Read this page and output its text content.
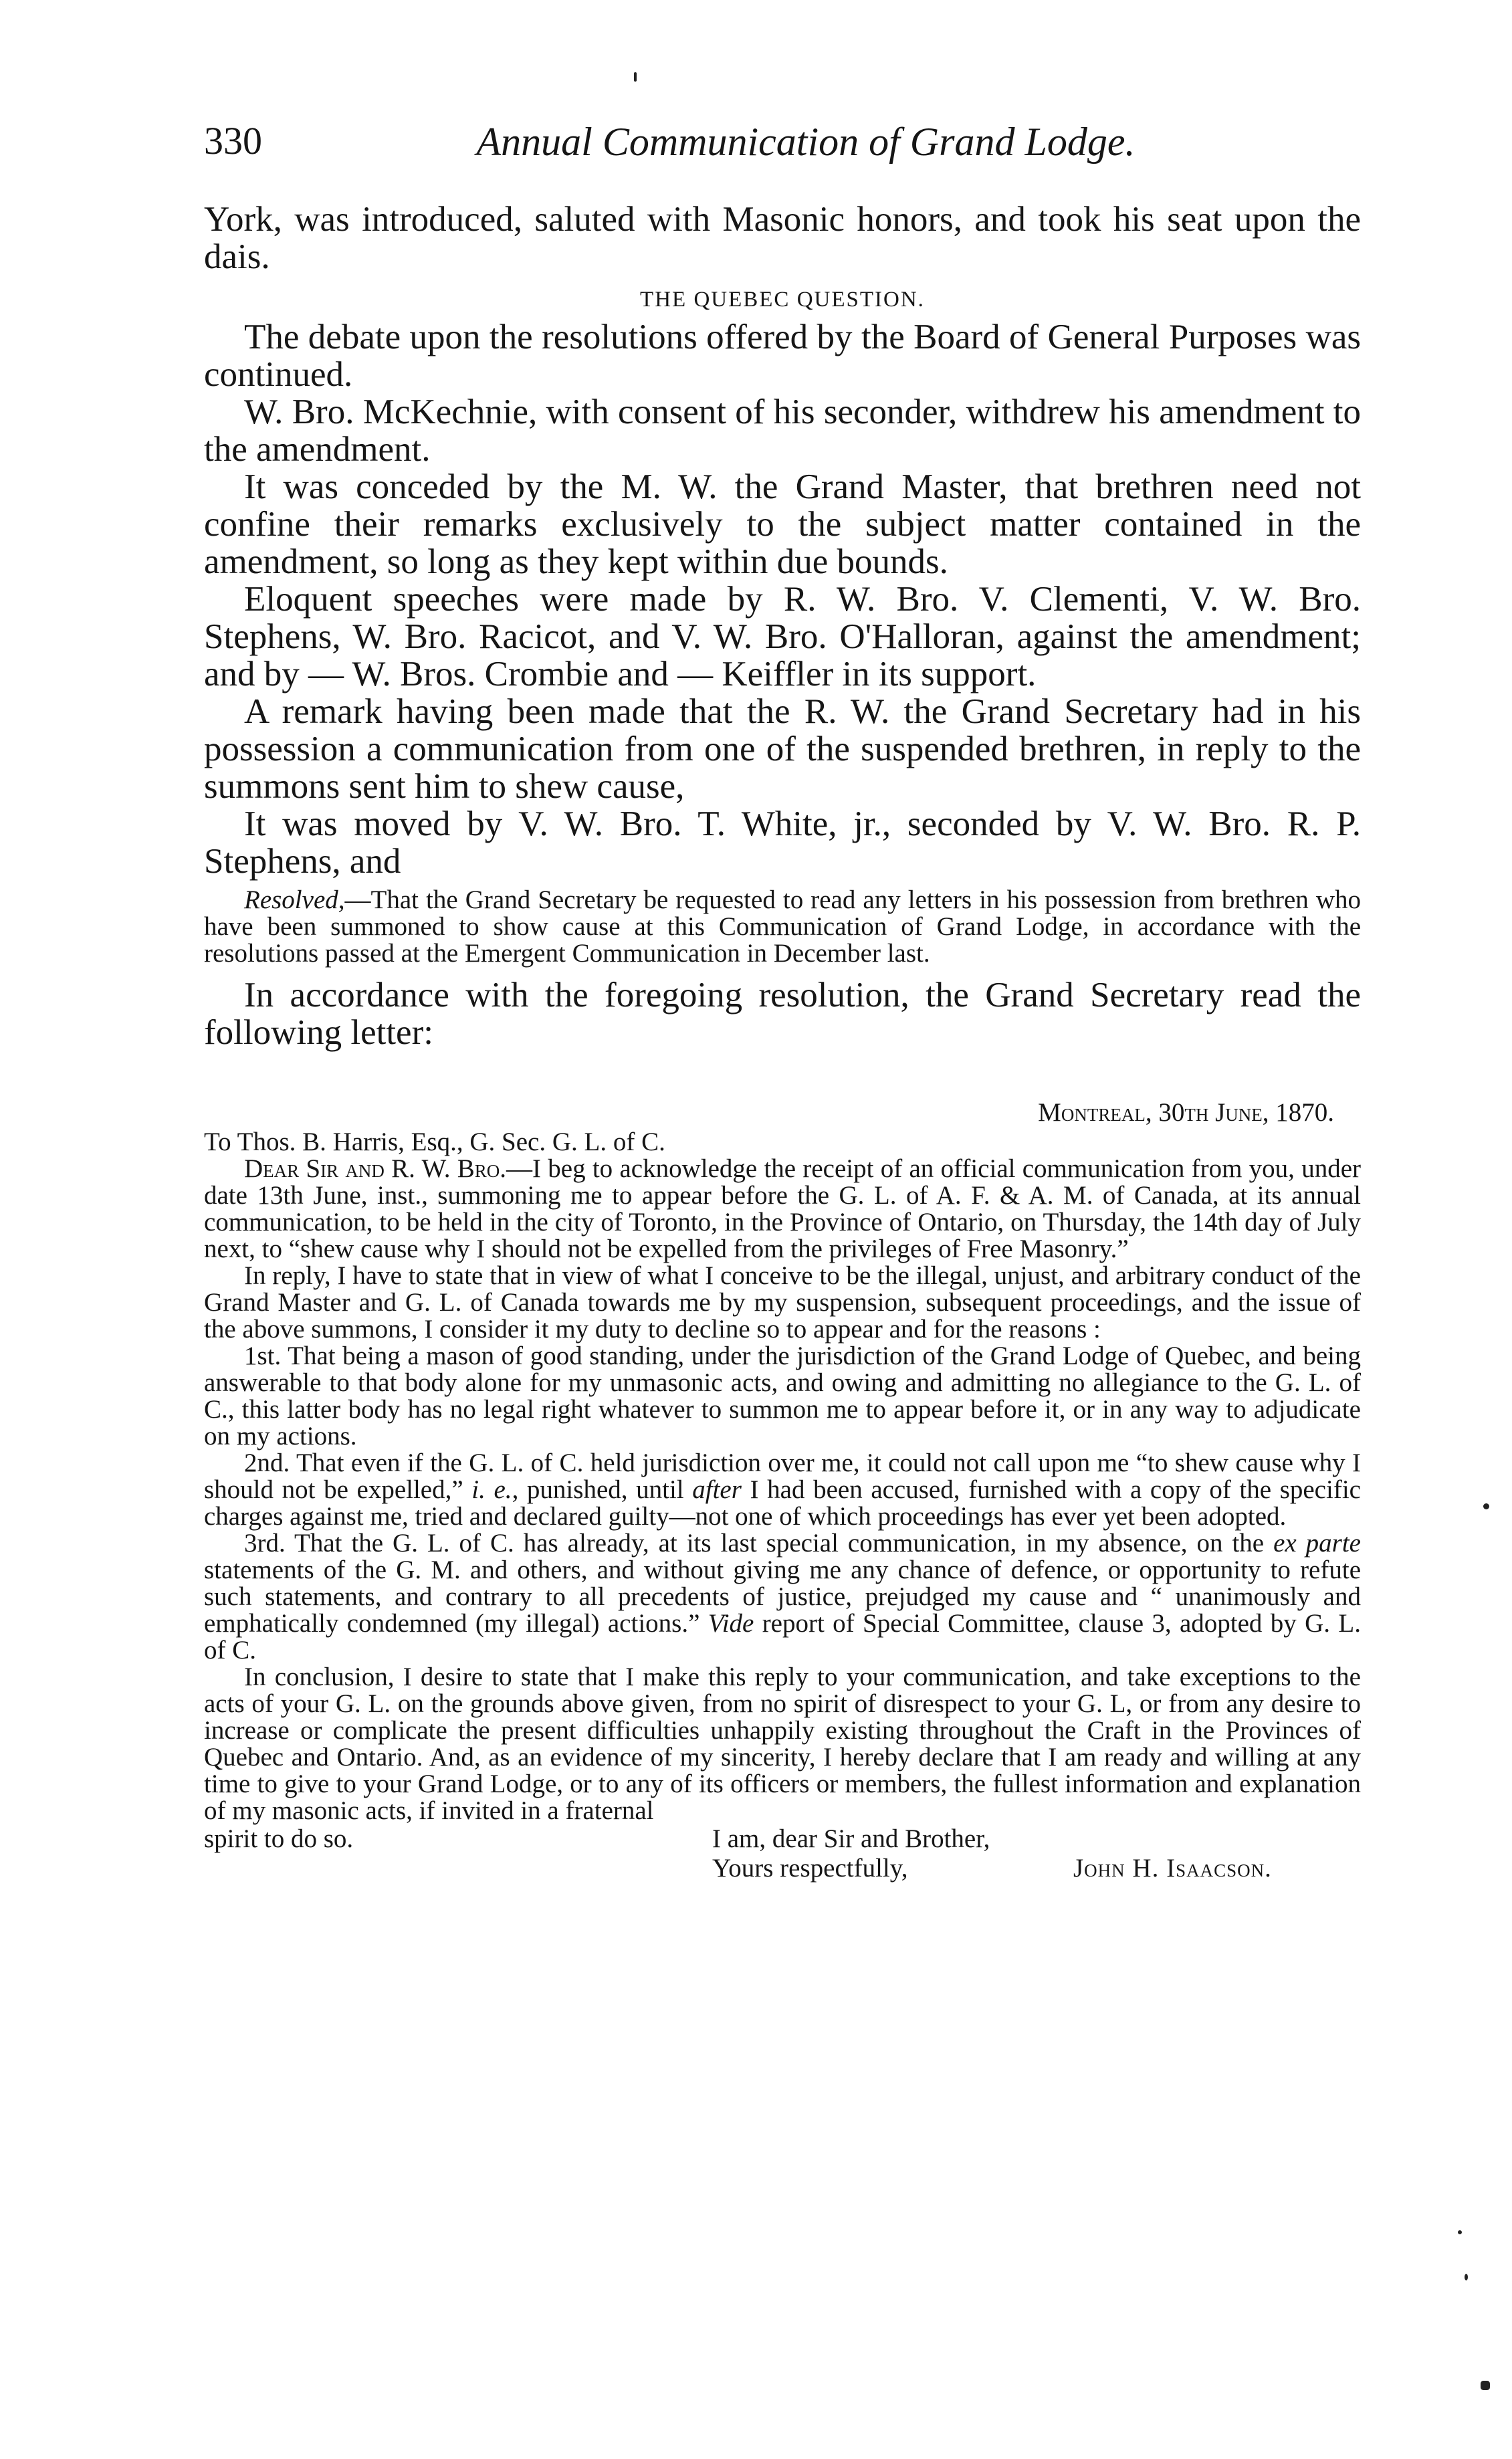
330	Annual Communication of Grand Lodge.

York, was introduced, saluted with Masonic honors, and took his seat upon the dais.

THE QUEBEC QUESTION.

The debate upon the resolutions offered by the Board of General Purposes was continued.

W. Bro. McKechnie, with consent of his seconder, withdrew his amendment to the amendment.

It was conceded by the M. W. the Grand Master, that brethren need not confine their remarks exclusively to the subject matter contained in the amendment, so long as they kept within due bounds.

Eloquent speeches were made by R. W. Bro. V. Clementi, V. W. Bro. Stephens, W. Bro. Racicot, and V. W. Bro. O'Halloran, against the amendment; and by — W. Bros. Crombie and — Keiffler in its support.

A remark having been made that the R. W. the Grand Secretary had in his possession a communication from one of the suspended brethren, in reply to the summons sent him to shew cause,

It was moved by V. W. Bro. T. White, jr., seconded by V. W. Bro. R. P. Stephens, and

Resolved,—That the Grand Secretary be requested to read any letters in his possession from brethren who have been summoned to show cause at this Communication of Grand Lodge, in accordance with the resolutions passed at the Emergent Communication in December last.

In accordance with the foregoing resolution, the Grand Secretary read the following letter:

Montreal, 30th June, 1870.

To Thos. B. Harris, Esq., G. Sec. G. L. of C.

Dear Sir and R. W. Bro.—I beg to acknowledge the receipt of an official communication from you, under date 13th June, inst., summoning me to appear before the G. L. of A. F. & A. M. of Canada, at its annual communication, to be held in the city of Toronto, in the Province of Ontario, on Thursday, the 14th day of July next, to “shew cause why I should not be expelled from the privileges of Free Masonry.”

In reply, I have to state that in view of what I conceive to be the illegal, unjust, and arbitrary conduct of the Grand Master and G. L. of Canada towards me by my suspension, subsequent proceedings, and the issue of the above summons, I consider it my duty to decline so to appear and for the reasons :

1st. That being a mason of good standing, under the jurisdiction of the Grand Lodge of Quebec, and being answerable to that body alone for my unmasonic acts, and owing and admitting no allegiance to the G. L. of C., this latter body has no legal right whatever to summon me to appear before it, or in any way to adjudicate on my actions.

2nd. That even if the G. L. of C. held jurisdiction over me, it could not call upon me “to shew cause why I should not be expelled,” i. e., punished, until after I had been accused, furnished with a copy of the specific charges against me, tried and declared guilty—not one of which proceedings has ever yet been adopted.

3rd. That the G. L. of C. has already, at its last special communication, in my absence, on the ex parte statements of the G. M. and others, and without giving me any chance of defence, or opportunity to refute such statements, and contrary to all precedents of justice, prejudged my cause and “ unanimously and emphatically condemned (my illegal) actions.” Vide report of Special Committee, clause 3, adopted by G. L. of C.

In conclusion, I desire to state that I make this reply to your communication, and take exceptions to the acts of your G. L. on the grounds above given, from no spirit of disrespect to your G. L, or from any desire to increase or complicate the present difficulties unhappily existing throughout the Craft in the Provinces of Quebec and Ontario. And, as an evidence of my sincerity, I hereby declare that I am ready and willing at any time to give to your Grand Lodge, or to any of its officers or members, the fullest information and explanation of my masonic acts, if invited in a fraternal

spirit to do so.	I am, dear Sir and Brother,
Yours respectfully,	John H. Isaacson.
